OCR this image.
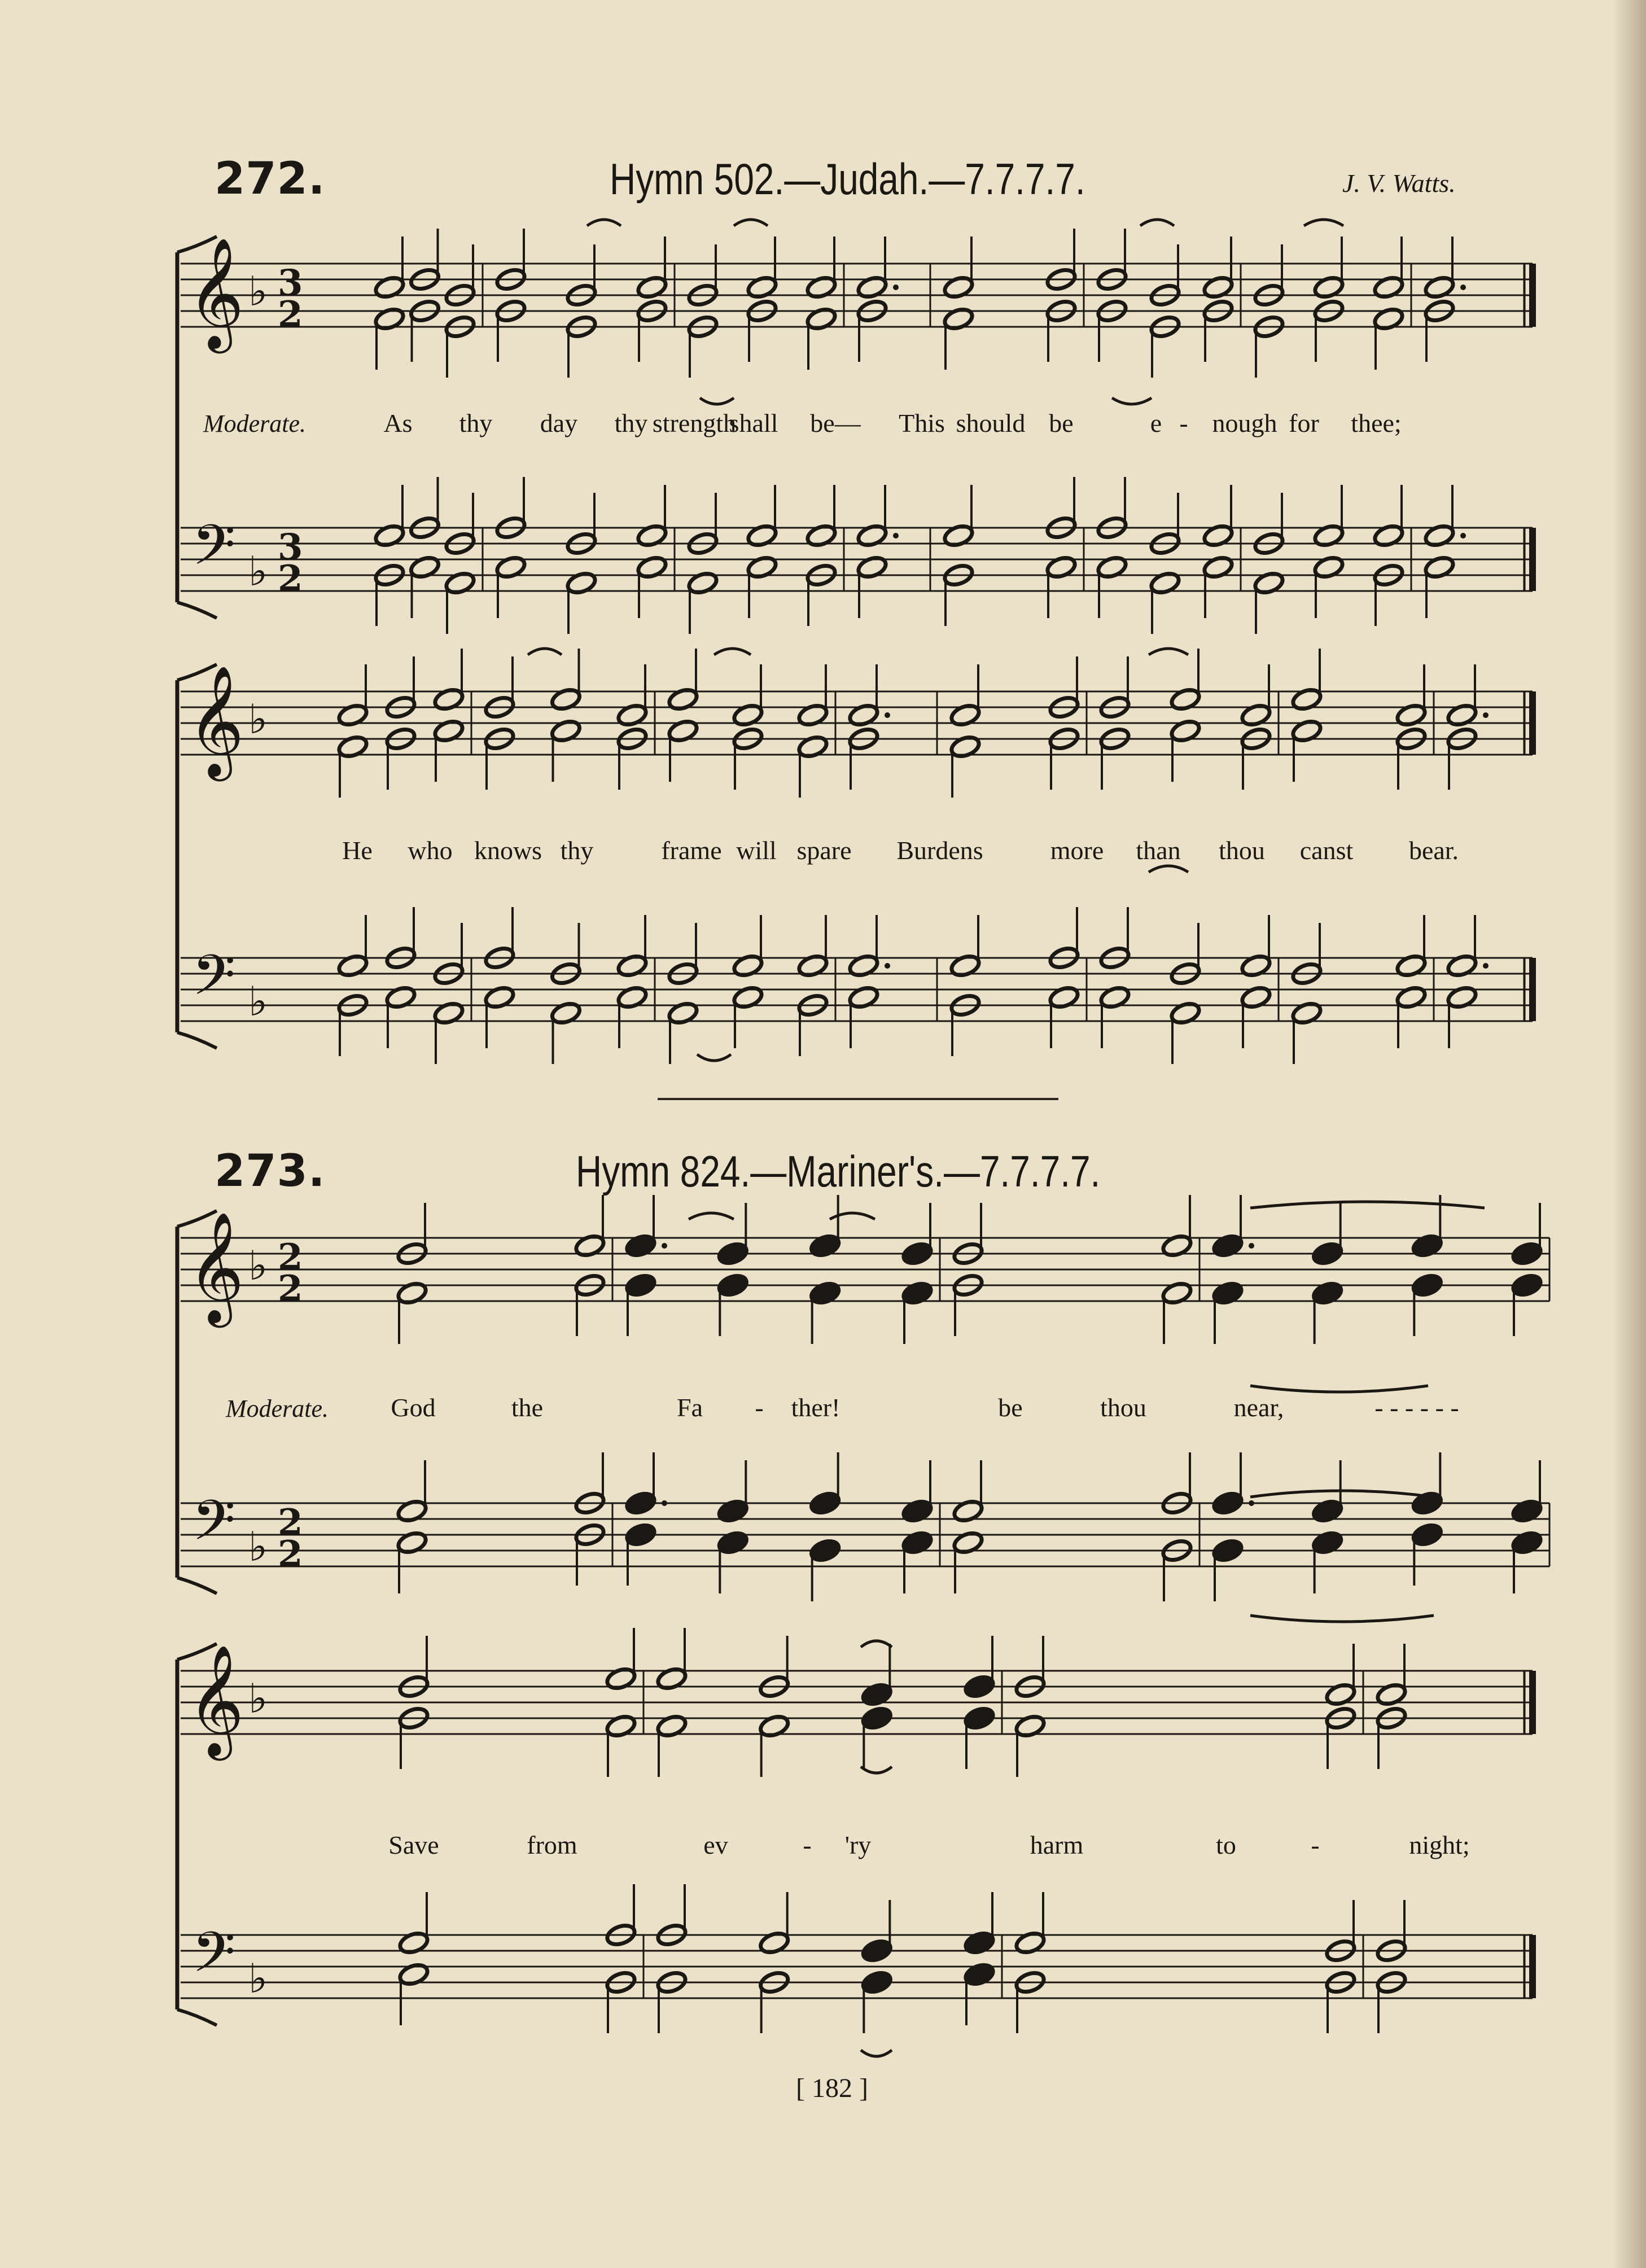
272.	Hymn 502.—Judah.—7.7.7.7.	J. V. Watts.
273.	Hymn 824.—Mariner's.—7.7.7.7.
Moderate.
Moderate.
As thy day thy strength
shall be— This should be	e - nough for thee;
He who knows thy	frame will spare Burdens	more than thou canst bear.
God	the	Fa - ther!	be	thou	near,	- - - - - -
Save	from	ev	- 'ry	harm	to	-	night;
[ 182 ]
𝄞
𝄢
♭
♭
3
2
3
2
𝄞
𝄢
♭
♭
𝄞
𝄢
♭
♭
2
2
2
2
𝄞
𝄢
♭
♭
